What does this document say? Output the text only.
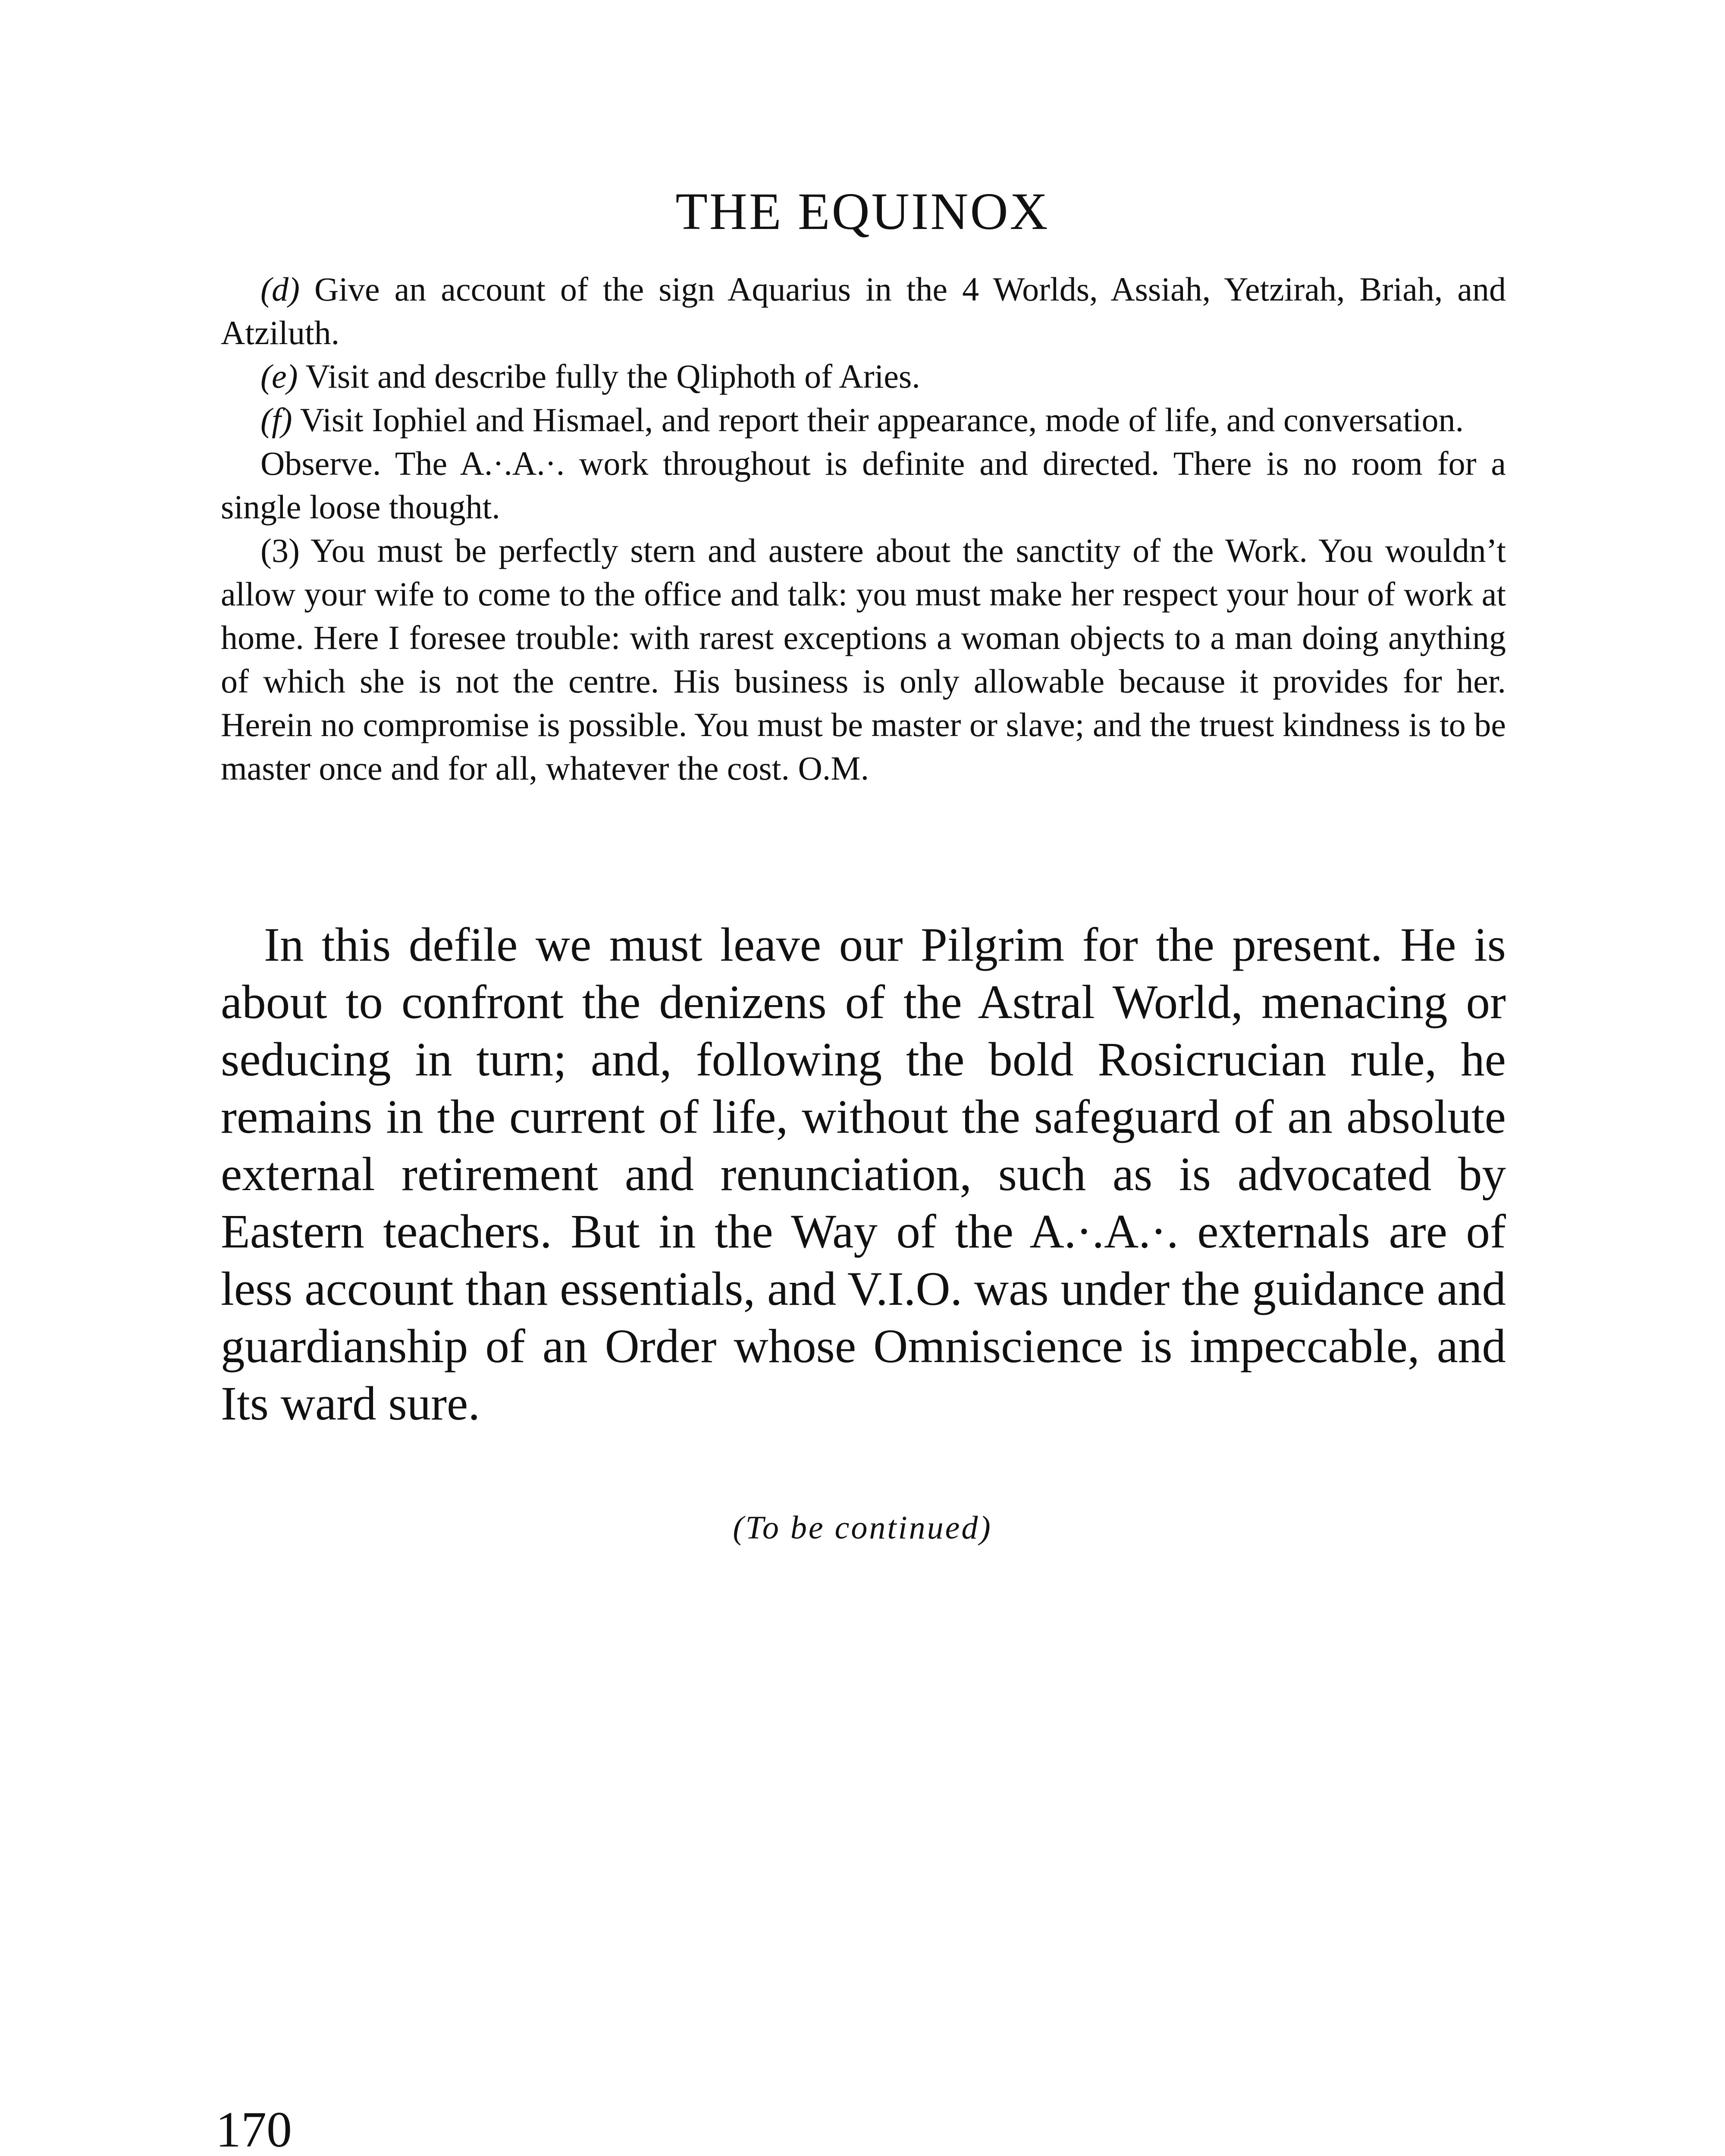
THE EQUINOX

(d) Give an account of the sign Aquarius in the 4 Worlds, Assiah, Yetzirah, Briah, and Atziluth.

(e) Visit and describe fully the Qliphoth of Aries.

(f) Visit Iophiel and Hismael, and report their appearance, mode of life, and conversation.

Observe. The A.·.A.·. work throughout is definite and directed. There is no room for a single loose thought.

(3) You must be perfectly stern and austere about the sanctity of the Work. You wouldn’t allow your wife to come to the office and talk: you must make her respect your hour of work at home. Here I foresee trouble: with rarest exceptions a woman objects to a man doing anything of which she is not the centre. His business is only allowable because it provides for her. Herein no compromise is possible. You must be master or slave; and the truest kindness is to be master once and for all, whatever the cost. O.M.

In this defile we must leave our Pilgrim for the present. He is about to confront the denizens of the Astral World, menacing or seducing in turn; and, following the bold Rosicrucian rule, he remains in the current of life, without the safeguard of an absolute external retirement and renunciation, such as is advocated by Eastern teachers. But in the Way of the A.·.A.·. externals are of less account than essentials, and V.I.O. was under the guidance and guardianship of an Order whose Omniscience is impeccable, and Its ward sure.

(To be continued)
170
